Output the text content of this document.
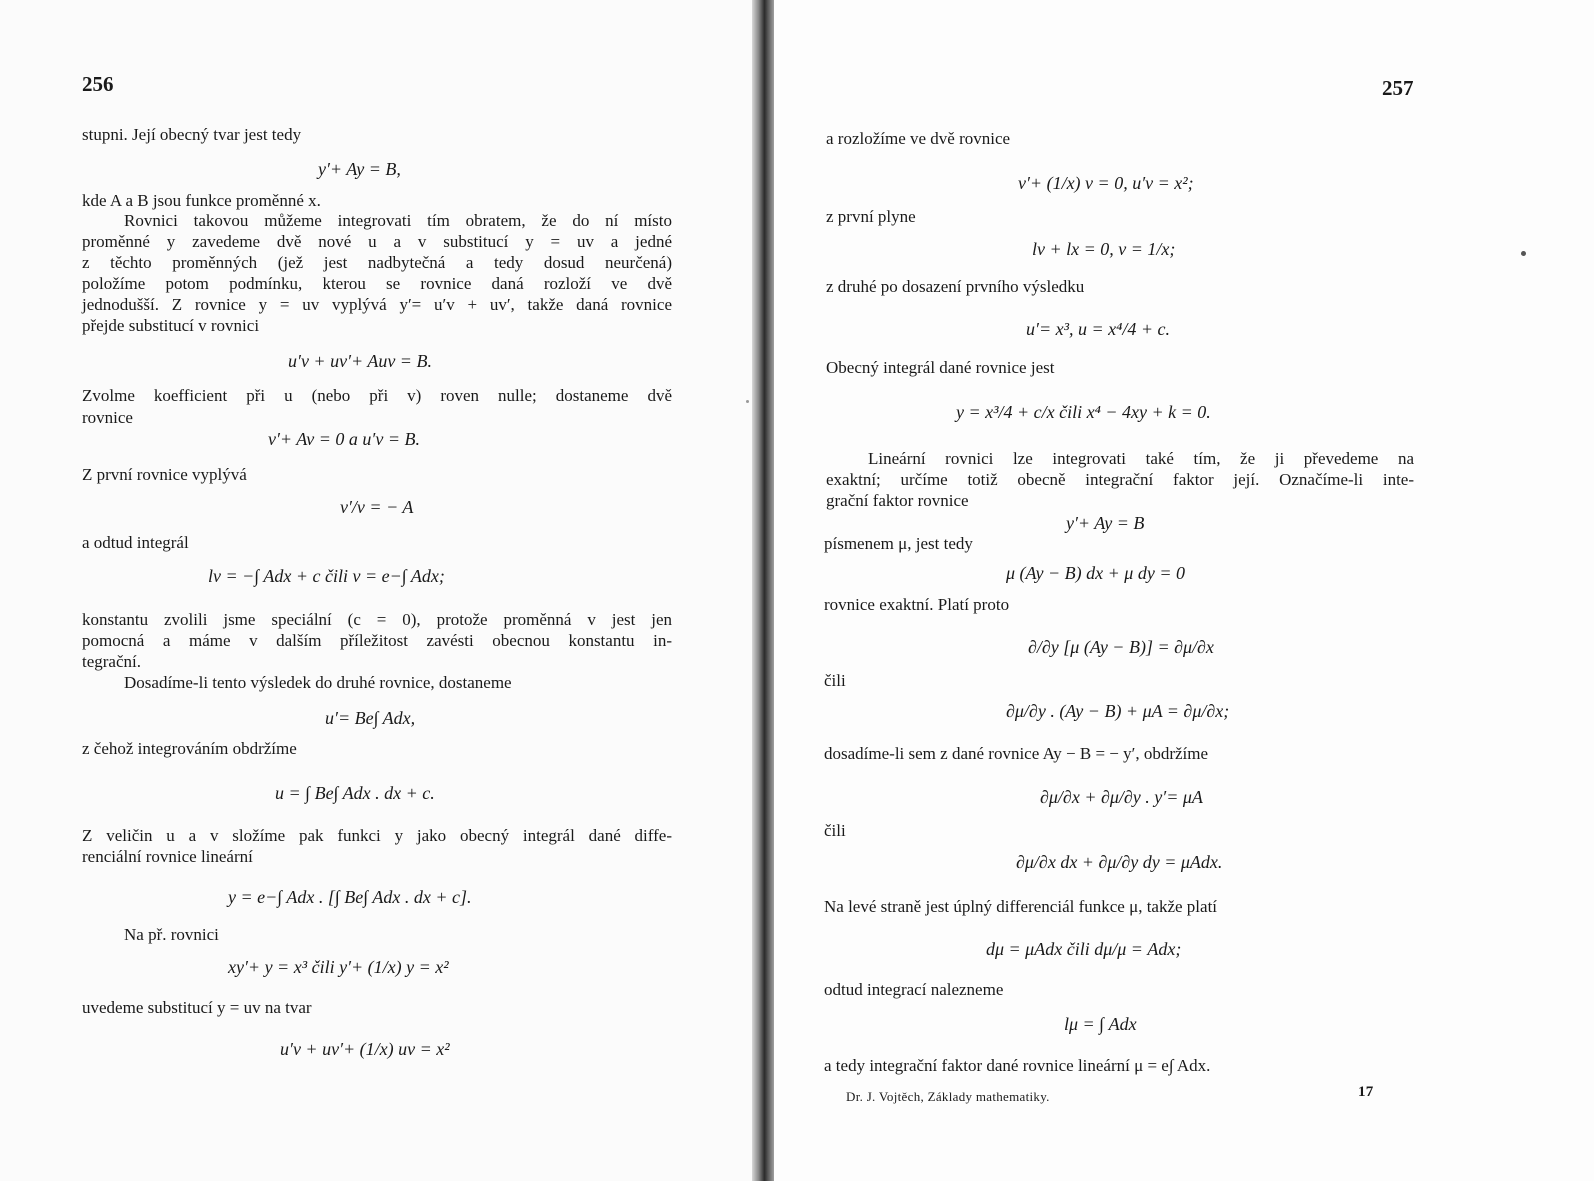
256
stupni. Její obecný tvar jest tedy
y′+ Ay = B,
kde A a B jsou funkce proměnné x.
Rovnici takovou můžeme integrovati tím obratem, že do ní místo
proměnné y zavedeme dvě nové u a v substitucí y = uv a jedné
z těchto proměnných (jež jest nadbytečná a tedy dosud neurčená)
položíme potom podmínku, kterou se rovnice daná rozloží ve dvě
jednodušší. Z rovnice y = uv vyplývá y′= u′v + uv′, takže daná rovnice
přejde substitucí v rovnici
u′v + uv′+ Auv = B.
Zvolme koefficient při u (nebo při v) roven nulle; dostaneme dvě
rovnice
v′+ Av = 0 a u′v = B.
Z první rovnice vyplývá
v′/v = − A
a odtud integrál
lv = −∫ Adx + c čili v = e−∫ Adx;
konstantu zvolili jsme speciální (c = 0), protože proměnná v jest jen
pomocná a máme v dalším příležitost zavésti obecnou konstantu in-
tegrační.
Dosadíme-li tento výsledek do druhé rovnice, dostaneme
u′= Be∫ Adx,
z čehož integrováním obdržíme
u = ∫ Be∫ Adx . dx + c.
Z veličin u a v složíme pak funkci y jako obecný integrál dané diffe-
renciální rovnice lineární
y = e−∫ Adx . [∫ Be∫ Adx . dx + c].
Na př. rovnici
xy′+ y = x³ čili y′+ (1/x) y = x²
uvedeme substitucí y = uv na tvar
u′v + uv′+ (1/x) uv = x²
257
a rozložíme ve dvě rovnice
v′+ (1/x) v = 0, u′v = x²;
z první plyne
lv + lx = 0, v = 1/x;
z druhé po dosazení prvního výsledku
u′= x³, u = x⁴/4 + c.
Obecný integrál dané rovnice jest
y = x³/4 + c/x čili x⁴ − 4xy + k = 0.
Lineární rovnici lze integrovati také tím, že ji převedeme na
exaktní; určíme totiž obecně integrační faktor její. Označíme-li inte-
grační faktor rovnice
y′+ Ay = B
písmenem μ, jest tedy
μ (Ay − B) dx + μ dy = 0
rovnice exaktní. Platí proto
∂/∂y [μ (Ay − B)] = ∂μ/∂x
čili
∂μ/∂y . (Ay − B) + μA = ∂μ/∂x;
dosadíme-li sem z dané rovnice Ay − B = − y′, obdržíme
∂μ/∂x + ∂μ/∂y . y′= μA
čili
∂μ/∂x dx + ∂μ/∂y dy = μAdx.
Na levé straně jest úplný differenciál funkce μ, takže platí
dμ = μAdx čili dμ/μ = Adx;
odtud integrací nalezneme
lμ = ∫ Adx
a tedy integrační faktor dané rovnice lineární μ = e∫ Adx.
Dr. J. Vojtěch, Základy mathematiky.	17
